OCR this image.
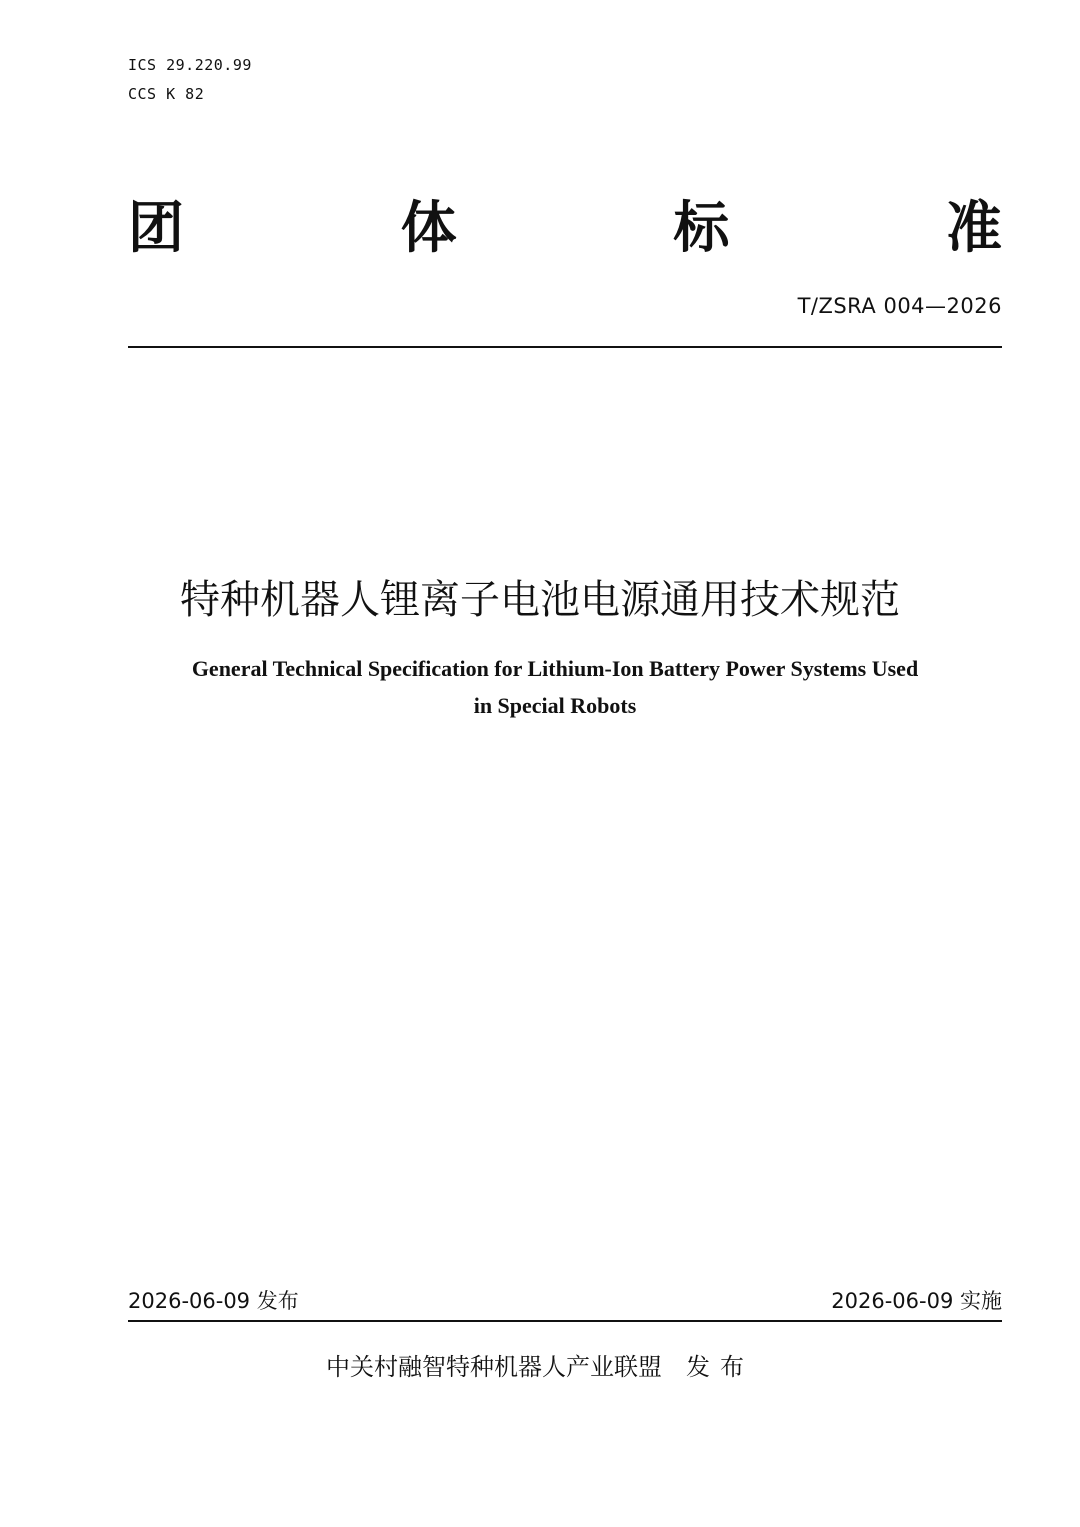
ICS 29.220.99
CCS K 82
团	体	标	准
T/ZSRA 004—2026
特种机器人锂离子电池电源通用技术规范
General Technical Specification for Lithium-Ion Battery Power Systems Used
in Special Robots
2026-06-09 发布	2026-06-09 实施
中关村融智特种机器人产业联盟 发布
